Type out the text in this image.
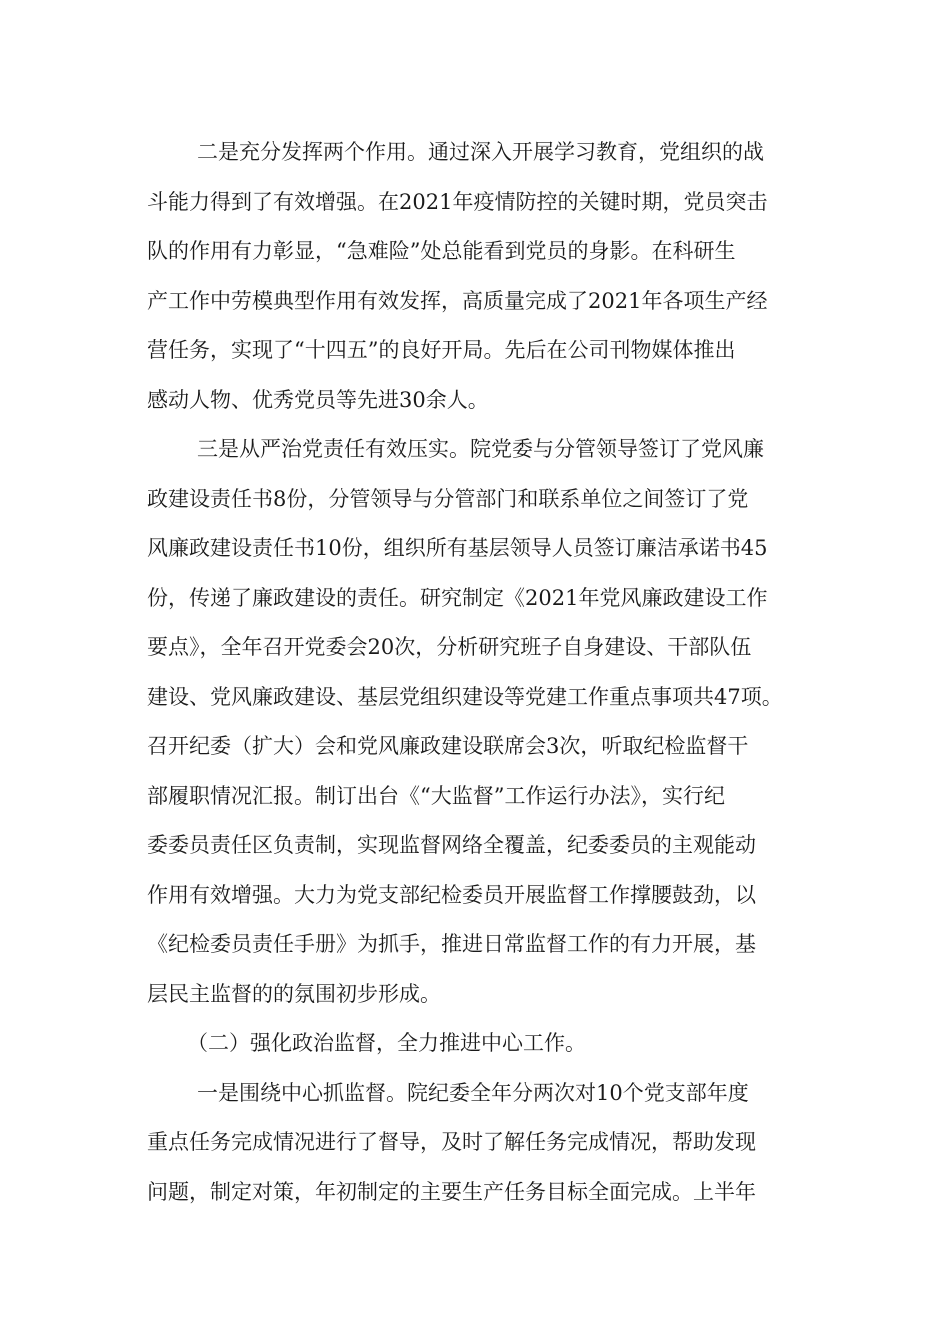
二是充分发挥两个作用。通过深入开展学习教育，党组织的战
斗能力得到了有效增强。在2021年疫情防控的关键时期，党员突击
队的作用有力彰显，“急难险”处总能看到党员的身影。在科研生
产工作中劳模典型作用有效发挥，高质量完成了2021年各项生产经
营任务，实现了“十四五”的良好开局。先后在公司刊物媒体推出
感动人物、优秀党员等先进30余人。
三是从严治党责任有效压实。院党委与分管领导签订了党风廉
政建设责任书8份，分管领导与分管部门和联系单位之间签订了党
风廉政建设责任书10份，组织所有基层领导人员签订廉洁承诺书45
份，传递了廉政建设的责任。研究制定《2021年党风廉政建设工作
要点》，全年召开党委会20次，分析研究班子自身建设、干部队伍
建设、党风廉政建设、基层党组织建设等党建工作重点事项共47项。
召开纪委（扩大）会和党风廉政建设联席会3次，听取纪检监督干
部履职情况汇报。制订出台《“大监督”工作运行办法》，实行纪
委委员责任区负责制，实现监督网络全覆盖，纪委委员的主观能动
作用有效增强。大力为党支部纪检委员开展监督工作撑腰鼓劲，以
《纪检委员责任手册》为抓手，推进日常监督工作的有力开展，基
层民主监督的的氛围初步形成。
（二）强化政治监督，全力推进中心工作。
一是围绕中心抓监督。院纪委全年分两次对10个党支部年度
重点任务完成情况进行了督导，及时了解任务完成情况，帮助发现
问题，制定对策，年初制定的主要生产任务目标全面完成。上半年
